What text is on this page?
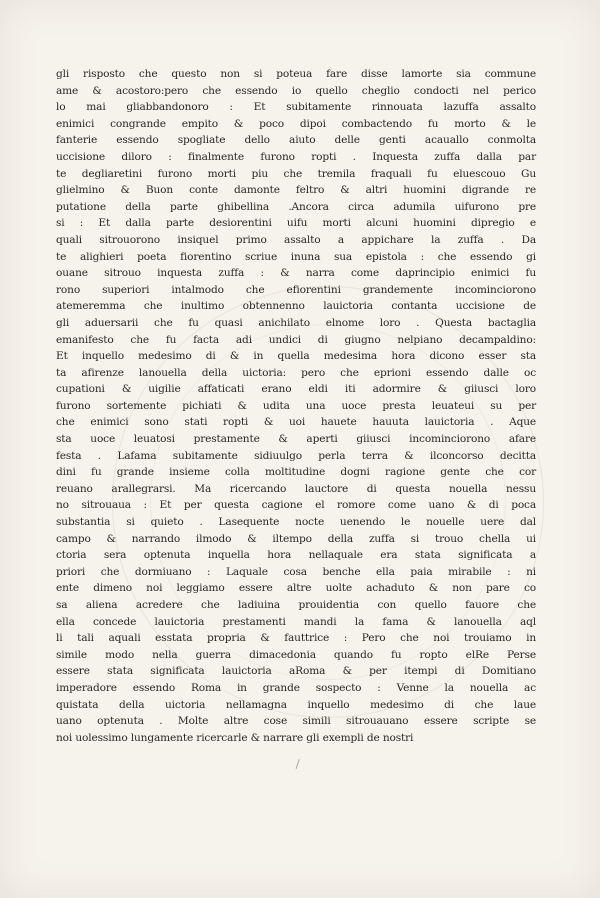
gli risposto che questo non si poteua fare disse lamorte sia commune
ame & acostoro:pero che essendo io quello cheglio condocti nel perico
lo mai gliabbandonoro : Et subitamente rinnouata lazuffa assalto
enimici congrande empito & poco dipoi combactendo fu morto & le
fanterie essendo spogliate dello aiuto delle genti acauallo conmolta
uccisione diloro : finalmente furono ropti . Inquesta zuffa dalla par
te degliaretini furono morti piu che tremila fraquali fu eluescouo Gu
glielmino & Buon conte damonte feltro & altri huomini digrande re
putatione della parte ghibellina .Ancora circa adumila uifurono pre
si : Et dalla parte desiorentini uifu morti alcuni huomini dipregio e
quali sitrouorono insiquel primo assalto a appichare la zuffa . Da
te alighieri poeta fiorentino scriue inuna sua epistola : che essendo gi
ouane sitrouo inquesta zuffa : & narra come daprincipio enimici fu
rono superiori intalmodo che efiorentini grandemente incominciorono
atemeremma che inultimo obtennenno lauictoria contanta uccisione de
gli aduersarii che fu quasi anichilato elnome loro . Questa bactaglia
emanifesto che fu facta adi undici di giugno nelpiano decampaldino:
Et inquello medesimo di & in quella medesima hora dicono esser sta
ta afirenze lanouella della uictoria: pero che eprioni essendo dalle oc
cupationi & uigilie affaticati erano eldi iti adormire & giiusci loro
furono sortemente pichiati & udita una uoce presta leuateui su per
che enimici sono stati ropti & uoi hauete hauuta lauictoria . Aque
sta uoce leuatosi prestamente & aperti giiusci incominciorono afare
festa . Lafama subitamente sidiuulgo perla terra & ilconcorso decitta
dini fu grande insieme colla moltitudine dogni ragione gente che cor
reuano arallegrarsi. Ma ricercando lauctore di questa nouella nessu
no sitrouaua : Et per questa cagione el romore come uano & di poca
substantia si quieto . Lasequente nocte uenendo le nouelle uere dal
campo & narrando ilmodo & iltempo della zuffa si trouo chella ui
ctoria sera optenuta inquella hora nellaquale era stata significata a
priori che dormiuano : Laquale cosa benche ella paia mirabile : ni
ente dimeno noi leggiamo essere altre uolte achaduto & non pare co
sa aliena acredere che ladiuina prouidentia con quello fauore che
ella concede lauictoria prestamenti mandi la fama & lanouella aql
li tali aquali esstata propria & fauttrice : Pero che noi trouiamo in
simile modo nella guerra dimacedonia quando fu ropto elRe Perse
essere stata significata lauictoria aRoma & per itempi di Domitiano
imperadore essendo Roma in grande sospecto : Venne la nouella ac
quistata della uictoria nellamagna inquello medesimo di che laue
uano optenuta . Molte altre cose simili sitrouauano essere scripte se
noi uolessimo lungamente ricercarle & narrare gli exempli de nostri
